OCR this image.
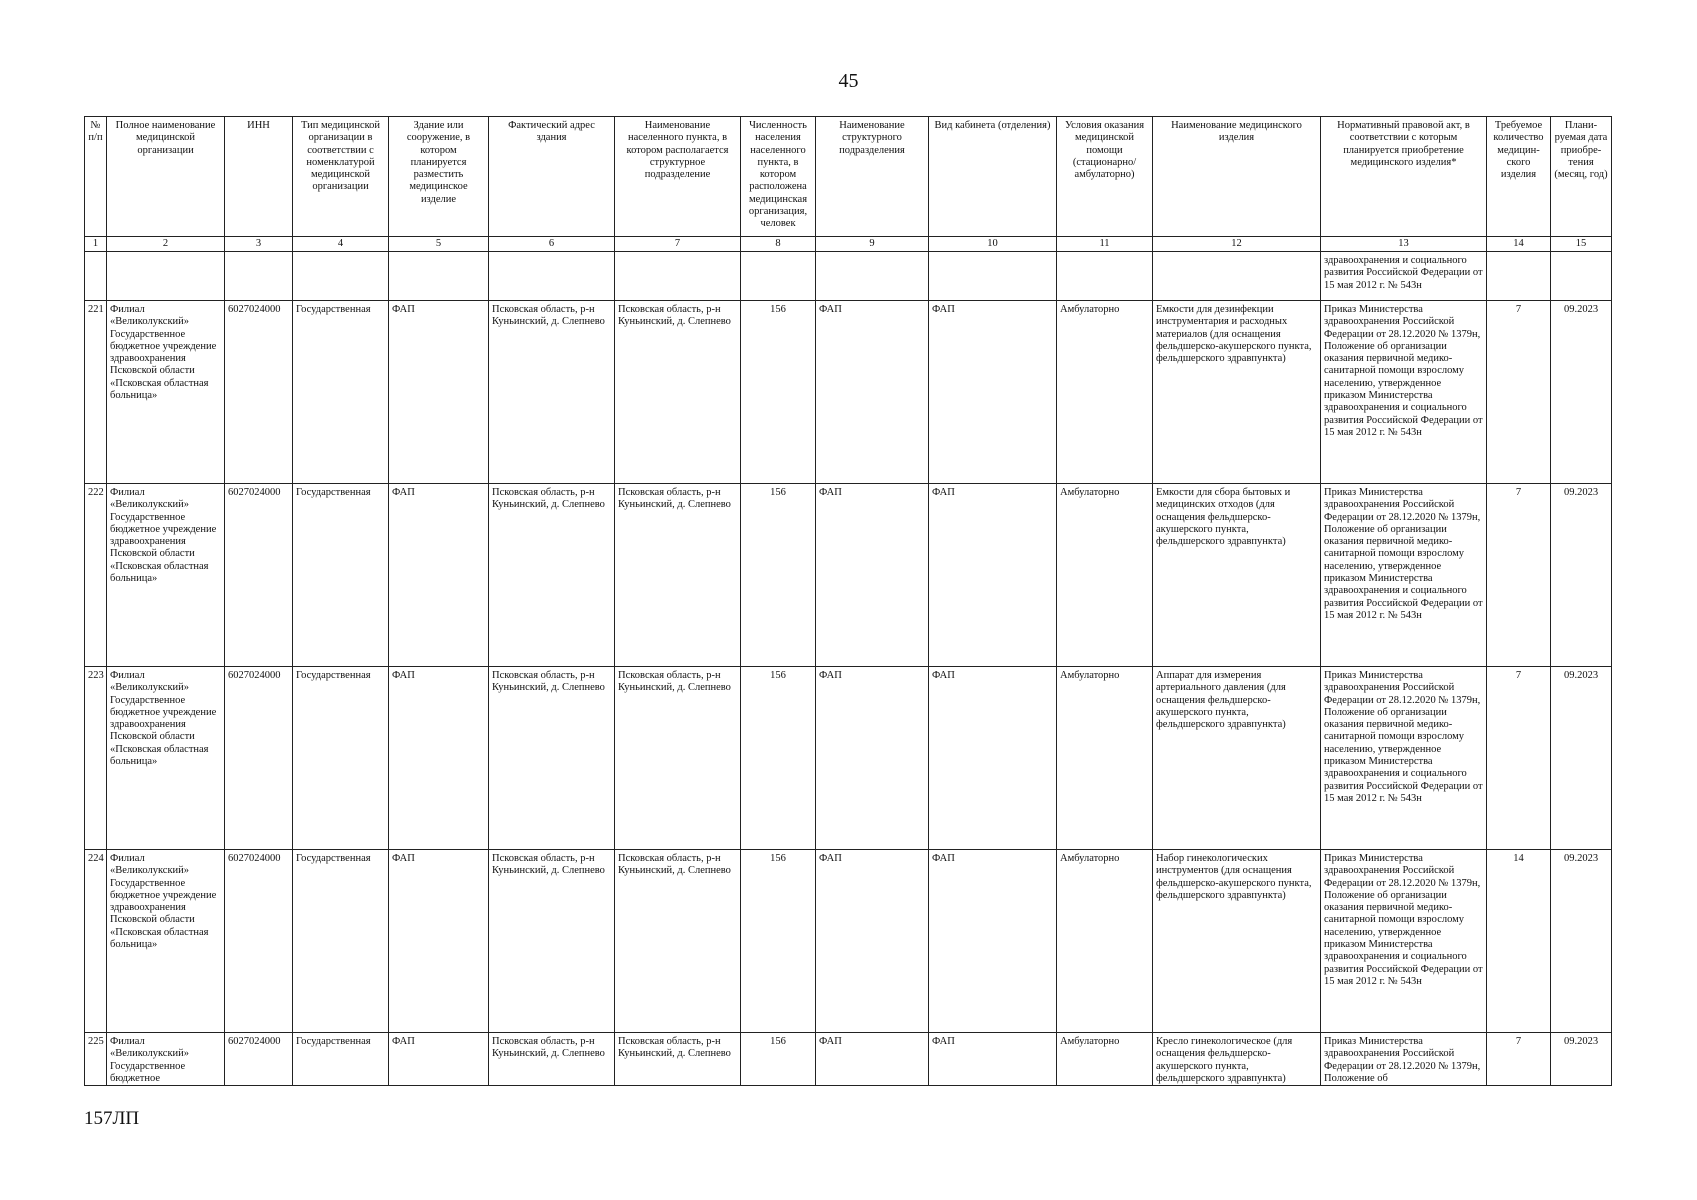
45
№ п/п	Полное наименование медицинской организации	ИНН	Тип медицинской организации в соответствии с номенклатурой медицинской организации	Здание или сооружение, в котором планируется разместить медицинское изделие	Фактический адрес здания	Наименование населенного пункта, в котором располагается структурное подразделение	Численность населения населенного пункта, в котором расположена медицинская организация, человек	Наименование структурного подразделения	Вид кабинета (отделения)	Условия оказания медицинской помощи (стационарно/ амбулаторно)	Наименование медицинского изделия	Нормативный правовой акт, в соответствии с которым планируется приобретение медицинского изделия*	Требуемое количество медицин-ского изделия	Плани-руемая дата приобре-тения (месяц, год)
1	2	3	4	5	6	7	8	9	10	11	12	13	14	15
												здравоохранения и социального развития Российской Федерации от 15 мая 2012 г. № 543н		
221	Филиал «Великолукский» Государственное бюджетное учреждение здравоохранения Псковской области «Псковская областная больница»	6027024000	Государственная	ФАП	Псковская область, р-н Куньинский, д. Слепнево	Псковская область, р-н Куньинский, д. Слепнево	156	ФАП	ФАП	Амбулаторно	Емкости для дезинфекции инструментария и расходных материалов (для оснащения фельдшерско-акушерского пункта, фельдшерского здравпункта)	Приказ Министерства здравоохранения Российской Федерации от 28.12.2020 № 1379н, Положение об организации оказания первичной медико-санитарной помощи взрослому населению, утвержденное приказом Министерства здравоохранения и социального развития Российской Федерации от 15 мая 2012 г. № 543н	7	09.2023
222	Филиал «Великолукский» Государственное бюджетное учреждение здравоохранения Псковской области «Псковская областная больница»	6027024000	Государственная	ФАП	Псковская область, р-н Куньинский, д. Слепнево	Псковская область, р-н Куньинский, д. Слепнево	156	ФАП	ФАП	Амбулаторно	Емкости для сбора бытовых и медицинских отходов (для оснащения фельдшерско-акушерского пункта, фельдшерского здравпункта)	Приказ Министерства здравоохранения Российской Федерации от 28.12.2020 № 1379н, Положение об организации оказания первичной медико-санитарной помощи взрослому населению, утвержденное приказом Министерства здравоохранения и социального развития Российской Федерации от 15 мая 2012 г. № 543н	7	09.2023
223	Филиал «Великолукский» Государственное бюджетное учреждение здравоохранения Псковской области «Псковская областная больница»	6027024000	Государственная	ФАП	Псковская область, р-н Куньинский, д. Слепнево	Псковская область, р-н Куньинский, д. Слепнево	156	ФАП	ФАП	Амбулаторно	Аппарат для измерения артериального давления (для оснащения фельдшерско-акушерского пункта, фельдшерского здравпункта)	Приказ Министерства здравоохранения Российской Федерации от 28.12.2020 № 1379н, Положение об организации оказания первичной медико-санитарной помощи взрослому населению, утвержденное приказом Министерства здравоохранения и социального развития Российской Федерации от 15 мая 2012 г. № 543н	7	09.2023
224	Филиал «Великолукский» Государственное бюджетное учреждение здравоохранения Псковской области «Псковская областная больница»	6027024000	Государственная	ФАП	Псковская область, р-н Куньинский, д. Слепнево	Псковская область, р-н Куньинский, д. Слепнево	156	ФАП	ФАП	Амбулаторно	Набор гинекологических инструментов (для оснащения фельдшерско-акушерского пункта, фельдшерского здравпункта)	Приказ Министерства здравоохранения Российской Федерации от 28.12.2020 № 1379н, Положение об организации оказания первичной медико-санитарной помощи взрослому населению, утвержденное приказом Министерства здравоохранения и социального развития Российской Федерации от 15 мая 2012 г. № 543н	14	09.2023
225	Филиал «Великолукский» Государственное бюджетное	6027024000	Государственная	ФАП	Псковская область, р-н Куньинский, д. Слепнево	Псковская область, р-н Куньинский, д. Слепнево	156	ФАП	ФАП	Амбулаторно	Кресло гинекологическое (для оснащения фельдшерско-акушерского пункта, фельдшерского здравпункта)	Приказ Министерства здравоохранения Российской Федерации от 28.12.2020 № 1379н, Положение об	7	09.2023
157ЛП
